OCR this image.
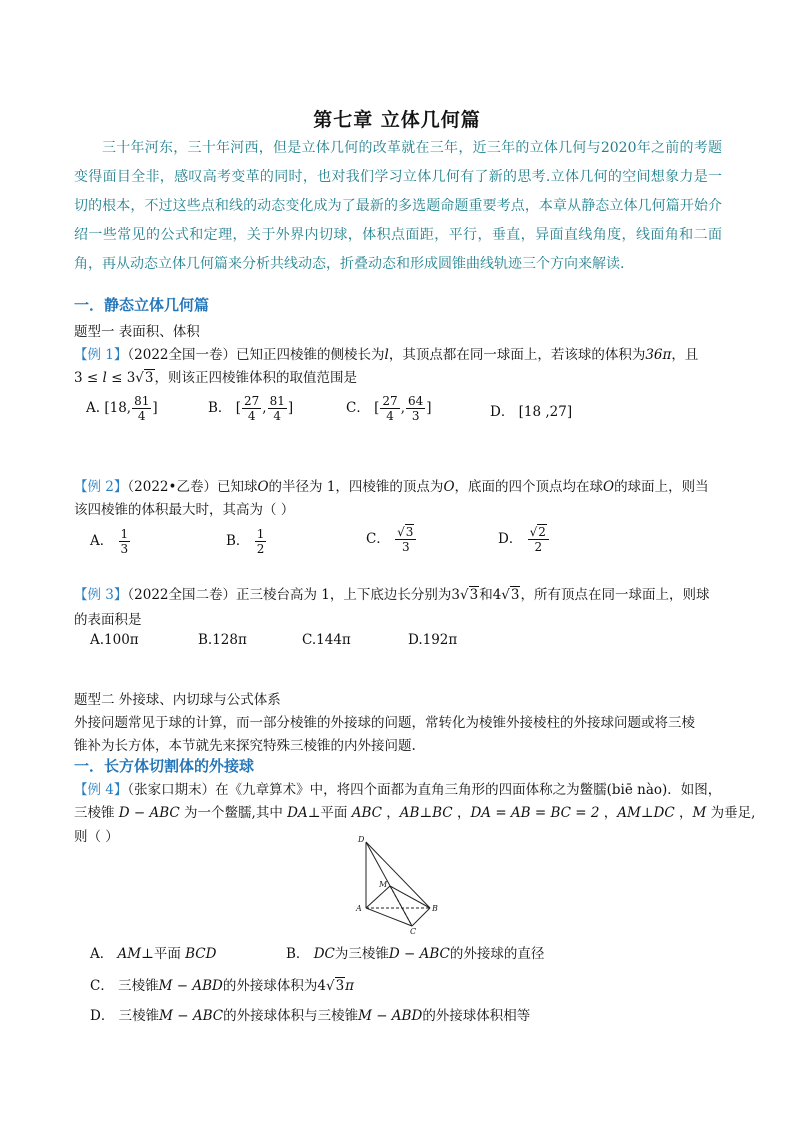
第七章 立体几何篇
三十年河东，三十年河西，但是立体几何的改革就在三年，近三年的立体几何与2020年之前的考题变得面目全非，感叹高考变革的同时，也对我们学习立体几何有了新的思考.立体几何的空间想象力是一切的根本，不过这些点和线的动态变化成为了最新的多选题命题重要考点，本章从静态立体几何篇开始介绍一些常见的公式和定理，关于外界内切球，体积点面距，平行，垂直，异面直线角度，线面角和二面角，再从动态立体几何篇来分析共线动态，折叠动态和形成圆锥曲线轨迹三个方向来解读.
一．静态立体几何篇
题型一 表面积、体积
【例 1】（2022全国一卷）已知正四棱锥的侧棱长为l，其顶点都在同一球面上，若该球的体积为36π，且
3 ≤ l ≤ 3√3，则该正四棱锥体积的取值范围是
A. [18, $\frac{81}{4}$ ]	B． [ $\frac{27}{4}$ , $\frac{81}{4}$ ]	C． [ $\frac{27}{4}$ , $\frac{64}{3}$ ]	D． [18 ,27]
【例 2】（2022•乙卷）已知球O的半径为 1，四棱锥的顶点为O，底面的四个顶点均在球O的球面上，则当
该四棱锥的体积最大时，其高为（ ）
A． $\frac{1}{3}$	B． $\frac{1}{2}$	C． $\frac{√3}{3}$	D． $\frac{√2}{2}$
【例 3】（2022全国二卷）正三棱台高为 1，上下底边长分别为3√3和4√3，所有顶点在同一球面上，则球
的表面积是
A.100π	B.128π	C.144π	D.192π
题型二 外接球、内切球与公式体系
外接问题常见于球的计算，而一部分棱锥的外接球的问题，常转化为棱锥外接棱柱的外接球问题或将三棱
锥补为长方体，本节就先来探究特殊三棱锥的内外接问题.
一．长方体切割体的外接球
【例 4】（张家口期末）在《九章算术》中，将四个面都为直角三角形的四面体称之为鳖臑(biē nào)．如图，
三棱锥 D − ABC 为一个鳖臑,其中 DA⊥平面 ABC ，AB⊥BC ，DA = AB = BC = 2 ，AM⊥DC ，M 为垂足,
则（ ）	D
A	B
C
M
A． AM⊥平面 BCD	B． DC为三棱锥D − ABC的外接球的直径
C． 三棱锥M − ABD的外接球体积为4√3π
D． 三棱锥M − ABC的外接球体积与三棱锥M − ABD的外接球体积相等
